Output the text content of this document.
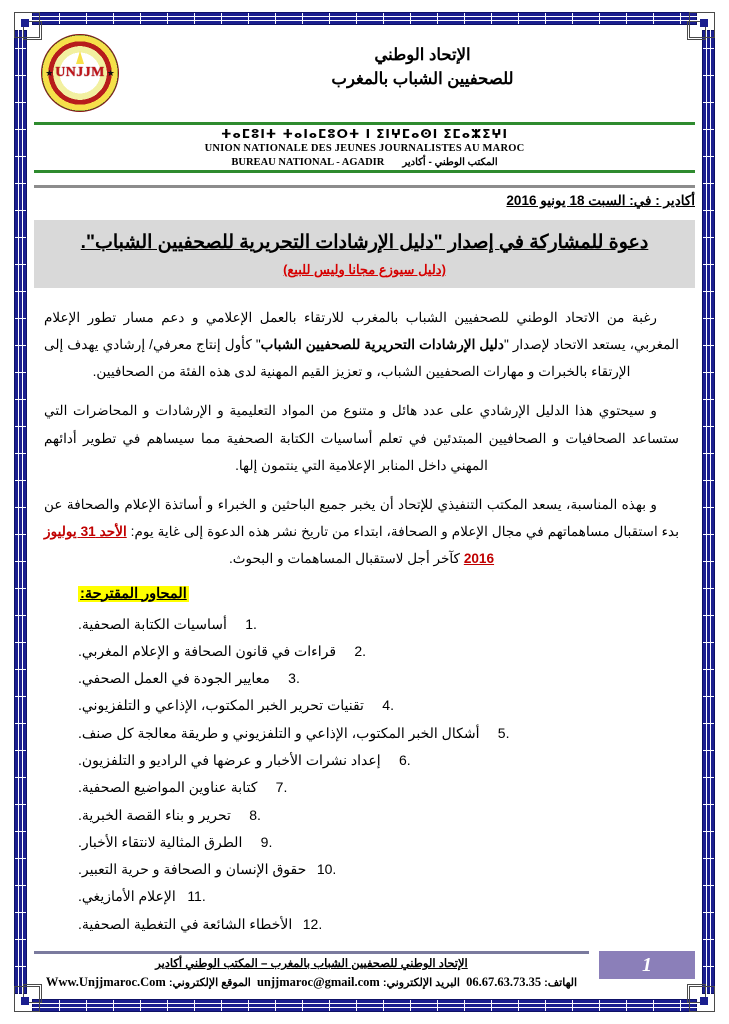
★
UNJJM
★
الإتحاد الوطني
للصحفيين الشباب بالمغرب
ⵜⴰⵎⵓⵏⵜ ⵜⴰⵏⴰⵎⵓⵔⵜ ⵏ ⵉⵏⵖⵎⴰⵙⵏ ⵉⵎⴰⵣⵉⵖⵏ
UNION NATIONALE DES JEUNES JOURNALISTES AU MAROC
المكتب الوطني - أكادير
BUREAU NATIONAL - AGADIR
أكادير : في: السبت 18 يونيو 2016
دعوة للمشاركة في إصدار "دليل الإرشادات التحريرية للصحفيين الشباب".
(دليل سيوزع مجانا وليس للبيع)

رغبة من الاتحاد الوطني للصحفيين الشباب بالمغرب للارتقاء بالعمل الإعلامي و دعم مسار تطور الإعلام المغربي، يستعد الاتحاد لإصدار "دليل الإرشادات التحريرية للصحفيين الشباب" كأول إنتاج معرفي/ إرشادي يهدف إلى الإرتقاء بالخبرات و مهارات الصحفيين الشباب، و تعزيز القيم المهنية لدى هذه الفئة من الصحافيين.

و سيحتوي هذا الدليل الإرشادي على عدد هائل و متنوع من المواد التعليمية و الإرشادات و المحاضرات التي ستساعد الصحافيات و الصحافيين المبتدئين في تعلم أساسيات الكتابة الصحفية مما سيساهم في تطوير أدائهم المهني داخل المنابر الإعلامية التي ينتمون إلها.

و بهذه المناسبة، يسعد المكتب التنفيذي للإتحاد أن يخبر جميع الباحثين و الخبراء و أساتذة الإعلام والصحافة عن بدء استقبال مساهماتهم في مجال الإعلام و الصحافة، ابتداء من تاريخ نشر هذه الدعوة إلى غاية يوم: الأحد 31 يوليوز 2016 كآخر أجل لاستقبال المساهمات و البحوث.

المحاور المقترحة:
1.أساسيات الكتابة الصحفية.
2.قراءات في قانون الصحافة و الإعلام المغربي.
3.معايير الجودة في العمل الصحفي.
4.تقنيات تحرير الخبر المكتوب، الإذاعي و التلفزيوني.
5.أشكال الخبر المكتوب، الإذاعي و التلفزيوني و طريقة معالجة كل صنف.
6.إعداد نشرات الأخبار و عرضها في الراديو و التلفزيون.
7.كتابة عناوين المواضيع الصحفية.
8.تحرير و بناء القصة الخبرية.
9.الطرق المثالية لانتقاء الأخبار.
10.حقوق الإنسان و الصحافة و حرية التعبير.
11.الإعلام الأمازيغي.
12.الأخطاء الشائعة في التغطية الصحفية.
الإتحاد الوطني للصحفيين الشباب بالمغرب – المكتب الوطني أكادير
الهاتف: 06.67.63.73.35  البريد الإلكتروني: unjjmaroc@gmail.com  الموقع الإلكتروني: Www.Unjjmaroc.Com
1
